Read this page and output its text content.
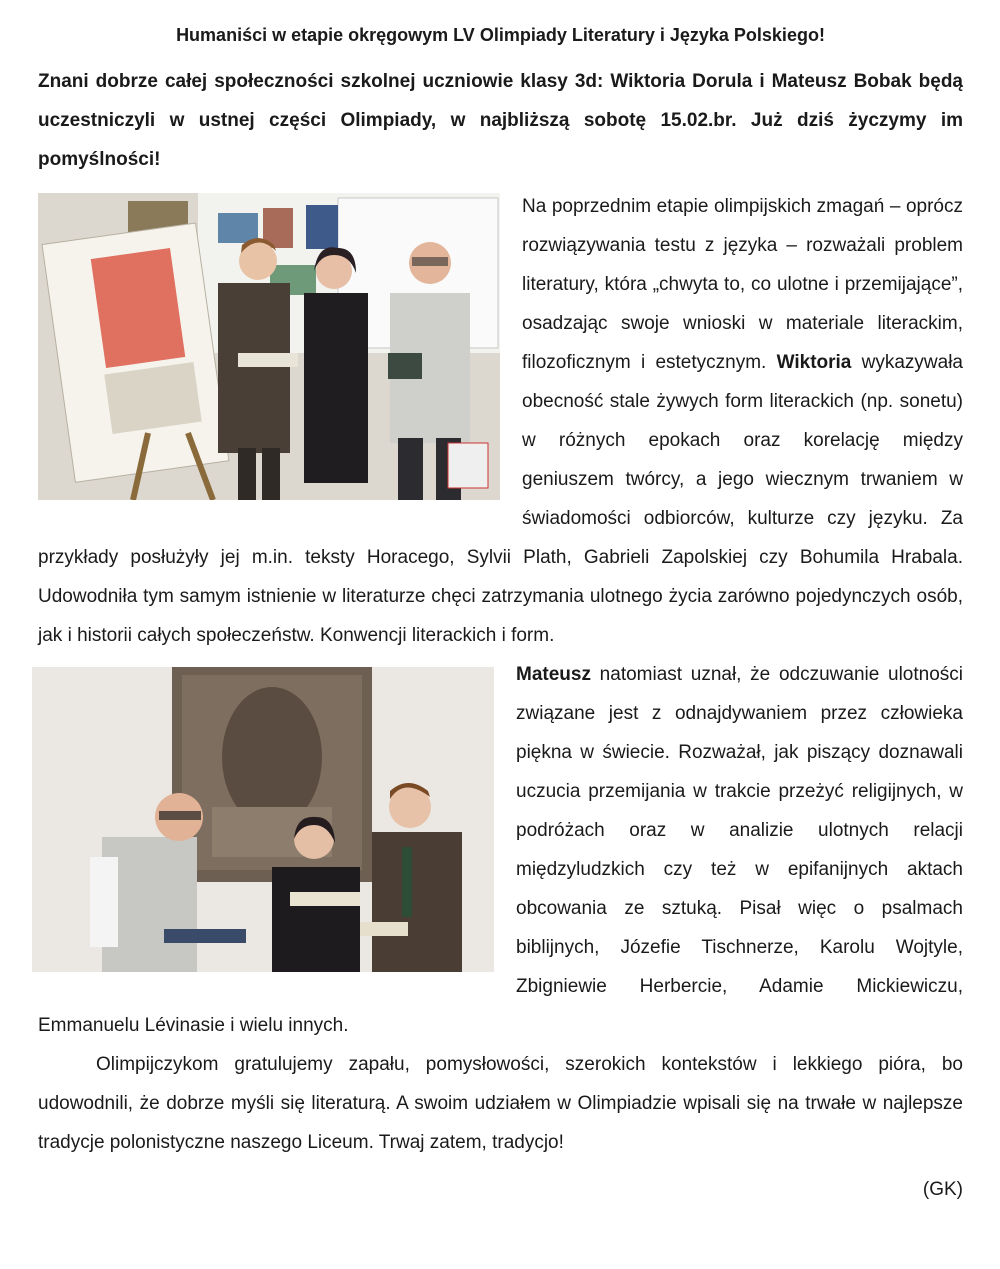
Humaniści w etapie okręgowym LV Olimpiady Literatury i Języka Polskiego!

Znani dobrze całej społeczności szkolnej uczniowie klasy 3d: Wiktoria Dorula i Mateusz Bobak będą uczestniczyli w ustnej części Olimpiady, w najbliższą sobotę 15.02.br. Już dziś życzymy im pomyślności!

Na poprzednim etapie olimpijskich zmagań – oprócz rozwiązywania testu z języka – rozważali problem literatury, która „chwyta to, co ulotne i przemijające”, osadzając swoje wnioski w materiale literackim, filozoficznym i estetycznym. Wiktoria wykazywała obecność stale żywych form literackich (np. sonetu) w różnych epokach oraz korelację między geniuszem twórcy, a jego wiecznym trwaniem w świadomości odbiorców, kulturze czy języku. Za przykłady posłużyły jej m.in. teksty Horacego, Sylvii Plath, Gabrieli Zapolskiej czy Bohumila Hrabala. Udowodniła tym samym istnienie w literaturze chęci zatrzymania ulotnego życia zarówno pojedynczych osób, jak i historii całych społeczeństw. Konwencji literackich i form.

Mateusz natomiast uznał, że odczuwanie ulotności związane jest z odnajdywaniem przez człowieka piękna w świecie. Rozważał, jak piszący doznawali uczucia przemijania w trakcie przeżyć religijnych, w podróżach oraz w analizie ulotnych relacji międzyludzkich czy też w epifanijnych aktach obcowania ze sztuką. Pisał więc o psalmach biblijnych, Józefie Tischnerze, Karolu Wojtyle, Zbigniewie Herbercie, Adamie Mickiewiczu, Emmanuelu Lévinasie i wielu innych.

Olimpijczykom gratulujemy zapału, pomysłowości, szerokich kontekstów i lekkiego pióra, bo udowodnili, że dobrze myśli się literaturą. A swoim udziałem w Olimpiadzie wpisali się na trwałe w najlepsze tradycje polonistyczne naszego Liceum. Trwaj zatem, tradycjo!

(GK)
